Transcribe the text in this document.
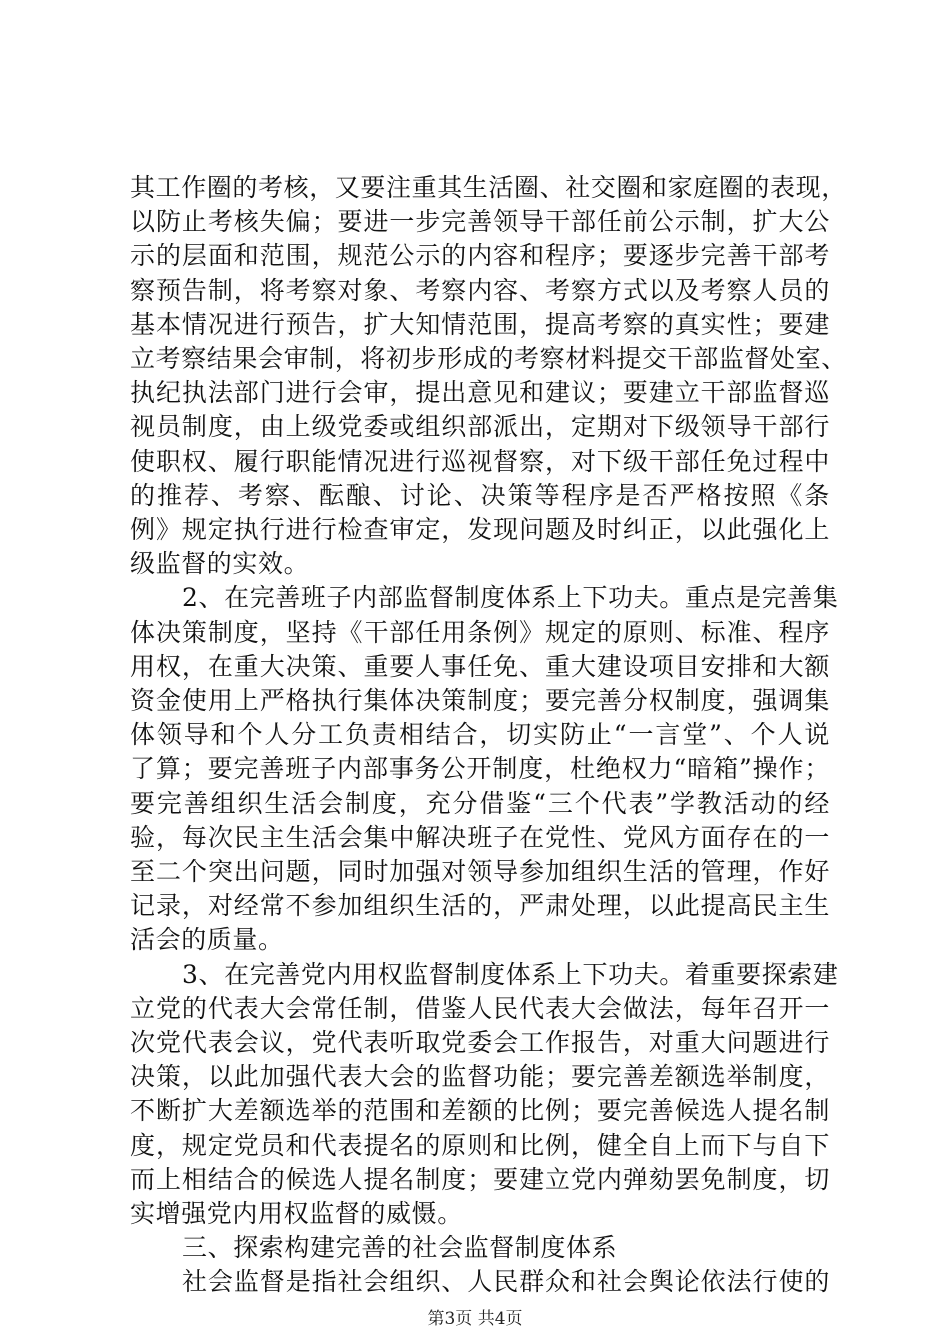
其工作圈的考核，又要注重其生活圈、社交圈和家庭圈的表现，
以防止考核失偏；要进一步完善领导干部任前公示制，扩大公
示的层面和范围，规范公示的内容和程序；要逐步完善干部考
察预告制，将考察对象、考察内容、考察方式以及考察人员的
基本情况进行预告，扩大知情范围，提高考察的真实性；要建
立考察结果会审制，将初步形成的考察材料提交干部监督处室、
执纪执法部门进行会审，提出意见和建议；要建立干部监督巡
视员制度，由上级党委或组织部派出，定期对下级领导干部行
使职权、履行职能情况进行巡视督察，对下级干部任免过程中
的推荐、考察、酝酿、讨论、决策等程序是否严格按照《条
例》规定执行进行检查审定，发现问题及时纠正，以此强化上
级监督的实效。
2、在完善班子内部监督制度体系上下功夫。重点是完善集
体决策制度，坚持《干部任用条例》规定的原则、标准、程序
用权，在重大决策、重要人事任免、重大建设项目安排和大额
资金使用上严格执行集体决策制度；要完善分权制度，强调集
体领导和个人分工负责相结合，切实防止“一言堂”、个人说
了算；要完善班子内部事务公开制度，杜绝权力“暗箱”操作；
要完善组织生活会制度，充分借鉴“三个代表”学教活动的经
验，每次民主生活会集中解决班子在党性、党风方面存在的一
至二个突出问题，同时加强对领导参加组织生活的管理，作好
记录，对经常不参加组织生活的，严肃处理，以此提高民主生
活会的质量。
3、在完善党内用权监督制度体系上下功夫。着重要探索建
立党的代表大会常任制，借鉴人民代表大会做法，每年召开一
次党代表会议，党代表听取党委会工作报告，对重大问题进行
决策，以此加强代表大会的监督功能；要完善差额选举制度，
不断扩大差额选举的范围和差额的比例；要完善候选人提名制
度，规定党员和代表提名的原则和比例，健全自上而下与自下
而上相结合的候选人提名制度；要建立党内弹劾罢免制度，切
实增强党内用权监督的威慑。
三、探索构建完善的社会监督制度体系
社会监督是指社会组织、人民群众和社会舆论依法行使的
第3页 共4页
